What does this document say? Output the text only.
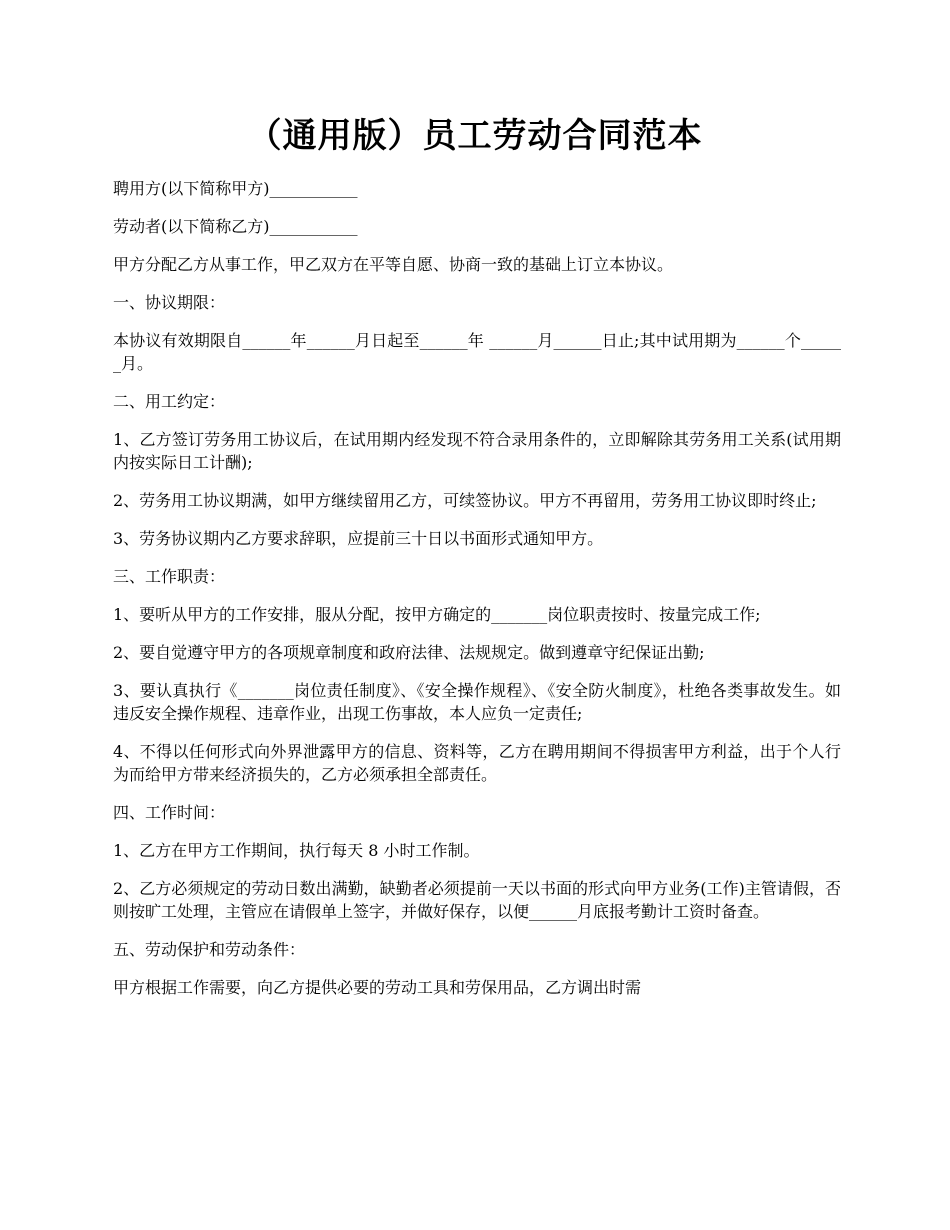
（通用版）员工劳动合同范本

聘用方(以下简称甲方)___________

劳动者(以下简称乙方)___________

甲方分配乙方从事工作，甲乙双方在平等自愿、协商一致的基础上订立本协议。

一、协议期限：

本协议有效期限自______年______月日起至______年 ______月______日止;其中试用期为______个______月。

二、用工约定：

1、乙方签订劳务用工协议后，在试用期内经发现不符合录用条件的，立即解除其劳务用工关系(试用期内按实际日工计酬);

2、劳务用工协议期满，如甲方继续留用乙方，可续签协议。甲方不再留用，劳务用工协议即时终止;

3、劳务协议期内乙方要求辞职，应提前三十日以书面形式通知甲方。

三、工作职责：

1、要听从甲方的工作安排，服从分配，按甲方确定的_______岗位职责按时、按量完成工作;

2、要自觉遵守甲方的各项规章制度和政府法律、法规规定。做到遵章守纪保证出勤;

3、要认真执行《_______岗位责任制度》、《安全操作规程》、《安全防火制度》，杜绝各类事故发生。如违反安全操作规程、违章作业，出现工伤事故，本人应负一定责任;

4、不得以任何形式向外界泄露甲方的信息、资料等，乙方在聘用期间不得损害甲方利益，出于个人行为而给甲方带来经济损失的，乙方必须承担全部责任。

四、工作时间：

1、乙方在甲方工作期间，执行每天 8 小时工作制。

2、乙方必须规定的劳动日数出满勤，缺勤者必须提前一天以书面的形式向甲方业务(工作)主管请假，否则按旷工处理，主管应在请假单上签字，并做好保存，以便______月底报考勤计工资时备查。

五、劳动保护和劳动条件：

甲方根据工作需要，向乙方提供必要的劳动工具和劳保用品，乙方调出时需
